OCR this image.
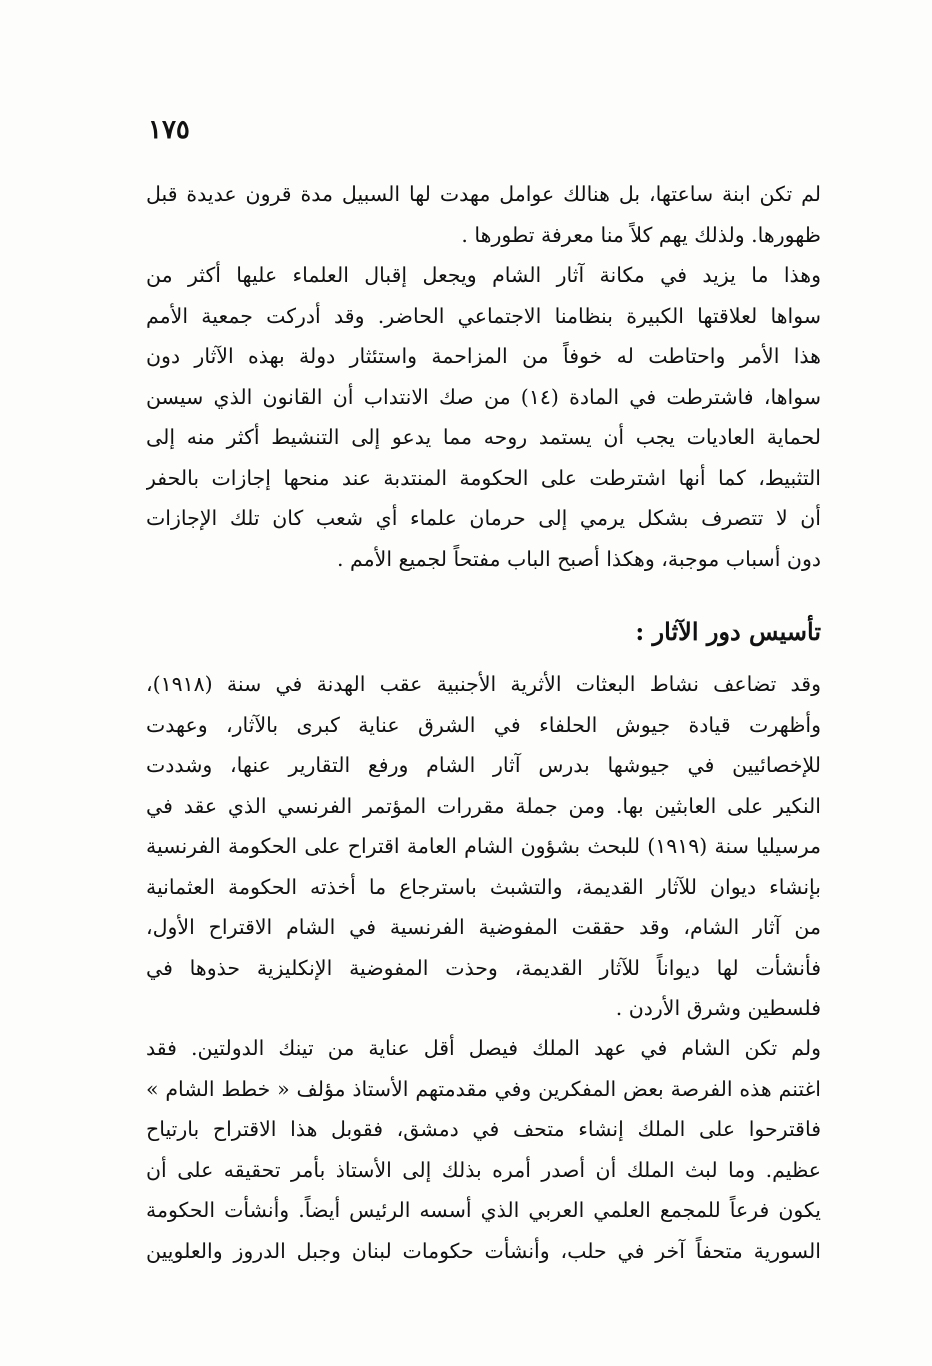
١٧٥
لم تكن ابنة ساعتها، بل هنالك عوامل مهدت لها السبيل مدة قرون عديدة قبل
ظهورها. ولذلك يهم كلاً منا معرفة تطورها .
وهذا ما يزيد في مكانة آثار الشام ويجعل إقبال العلماء عليها أكثر من
سواها لعلاقتها الكبيرة بنظامنا الاجتماعي الحاضر. وقد أدركت جمعية الأمم
هذا الأمر واحتاطت له خوفاً من المزاحمة واستئثار دولة بهذه الآثار دون
سواها، فاشترطت في المادة (١٤) من صك الانتداب أن القانون الذي سيسن
لحماية العاديات يجب أن يستمد روحه مما يدعو إلى التنشيط أكثر منه إلى
التثبيط، كما أنها اشترطت على الحكومة المنتدبة عند منحها إجازات بالحفر
أن لا تتصرف بشكل يرمي إلى حرمان علماء أي شعب كان تلك الإجازات
دون أسباب موجبة، وهكذا أصبح الباب مفتحاً لجميع الأمم .
تأسيس دور الآثار :
وقد تضاعف نشاط البعثات الأثرية الأجنبية عقب الهدنة في سنة (١٩١٨)،
وأظهرت قيادة جيوش الحلفاء في الشرق عناية كبرى بالآثار، وعهدت
للإخصائيين في جيوشها بدرس آثار الشام ورفع التقارير عنها، وشددت
النكير على العابثين بها. ومن جملة مقررات المؤتمر الفرنسي الذي عقد في
مرسيليا سنة (١٩١٩) للبحث بشؤون الشام العامة اقتراح على الحكومة الفرنسية
بإنشاء ديوان للآثار القديمة، والتشبث باسترجاع ما أخذته الحكومة العثمانية
من آثار الشام، وقد حققت المفوضية الفرنسية في الشام الاقتراح الأول،
فأنشأت لها ديواناً للآثار القديمة، وحذت المفوضية الإنكليزية حذوها في
فلسطين وشرق الأردن .
ولم تكن الشام في عهد الملك فيصل أقل عناية من تينك الدولتين. فقد
اغتنم هذه الفرصة بعض المفكرين وفي مقدمتهم الأستاذ مؤلف « خطط الشام »
فاقترحوا على الملك إنشاء متحف في دمشق، فقوبل هذا الاقتراح بارتياح
عظيم. وما لبث الملك أن أصدر أمره بذلك إلى الأستاذ بأمر تحقيقه على أن
يكون فرعاً للمجمع العلمي العربي الذي أسسه الرئيس أيضاً. وأنشأت الحكومة
السورية متحفاً آخر في حلب، وأنشأت حكومات لبنان وجبل الدروز والعلويين
